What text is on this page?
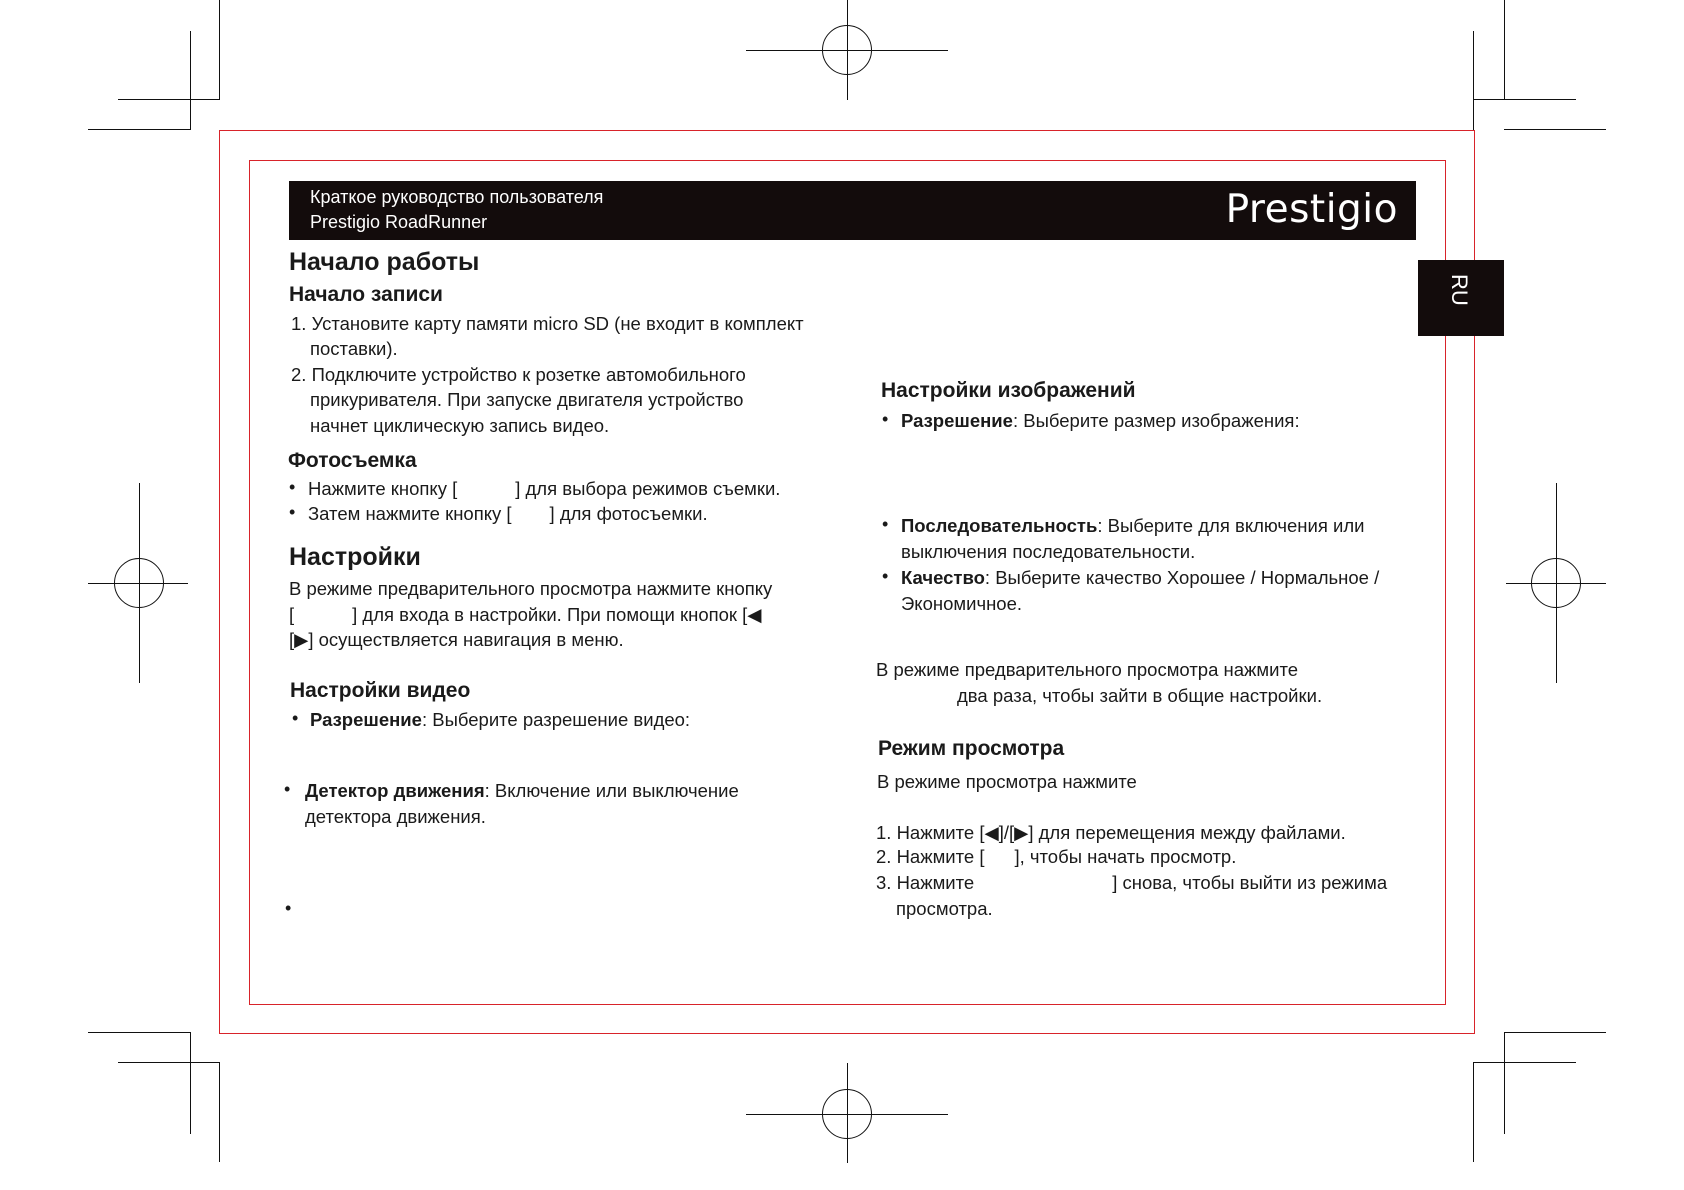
Краткое руководство пользователя
Prestigio RoadRunner	Prestigio
RU
Начало работы
Начало записи
1. Установите карту памяти micro SD (не входит в комплект
поставки).
2. Подключите устройство к розетке автомобильного
прикуривателя. При запуске двигателя устройство
начнет циклическую запись видео.
Фотосъемка
• Нажмите кнопку [	] для выбора режимов съемки.
• Затем нажмите кнопку [ ] для фотосъемки.
Настройки
В режиме предварительного просмотра нажмите кнопку
[	] для входа в настройки. При помощи кнопок [◀
[▶] осуществляется навигация в меню.
Настройки видео
• Разрешение: Выберите разрешение видео:
• Детектор движения: Включение или выключение
детектора движения.
•
Настройки изображений
• Разрешение: Выберите размер изображения:
• Последовательность: Выберите для включения или
выключения последовательности.
• Качество: Выберите качество Хорошее / Нормальное /
Экономичное.
В режиме предварительного просмотра нажмите
два раза, чтобы зайти в общие настройки.
Режим просмотра
В режиме просмотра нажмите
1. Нажмите [◀]/[▶] для перемещения между файлами.
2. Нажмите [ ], чтобы начать просмотр.
3. Нажмите	] снова, чтобы выйти из режима
просмотра.
